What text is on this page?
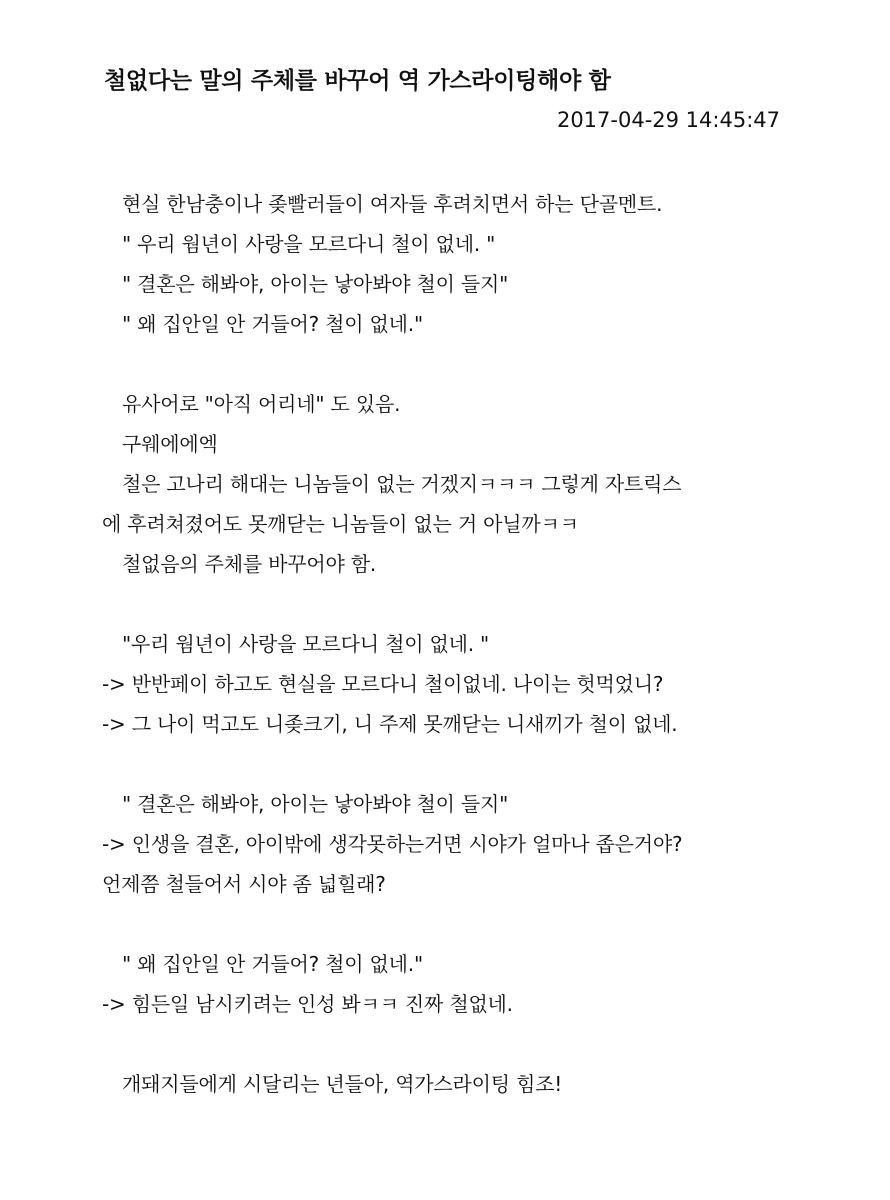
철없다는 말의 주체를 바꾸어 역 가스라이팅해야 함
2017-04-29 14:45:47
현실 한남충이나 좆빨러들이 여자들 후려치면서 하는 단골멘트.
" 우리 웜년이 사랑을 모르다니 철이 없네. "
" 결혼은 해봐야, 아이는 낳아봐야 철이 들지"
" 왜 집안일 안 거들어? 철이 없네."
유사어로 "아직 어리네" 도 있음.
구웨에에엑
철은 고나리 해대는 니놈들이 없는 거겠지ㅋㅋㅋ 그렇게 자트릭스
에 후려쳐졌어도 못깨닫는 니놈들이 없는 거 아닐까ㅋㅋ
철없음의 주체를 바꾸어야 함.
"우리 웜년이 사랑을 모르다니 철이 없네. "
-> 반반페이 하고도 현실을 모르다니 철이없네. 나이는 헛먹었니?
-> 그 나이 먹고도 니좆크기, 니 주제 못깨닫는 니새끼가 철이 없네.
" 결혼은 해봐야, 아이는 낳아봐야 철이 들지"
-> 인생을 결혼, 아이밖에 생각못하는거면 시야가 얼마나 좁은거야?
언제쯤 철들어서 시야 좀 넓힐래?
" 왜 집안일 안 거들어? 철이 없네."
-> 힘든일 남시키려는 인성 봐ㅋㅋ 진짜 철없네.
개돼지들에게 시달리는 년들아, 역가스라이팅 힘조!
